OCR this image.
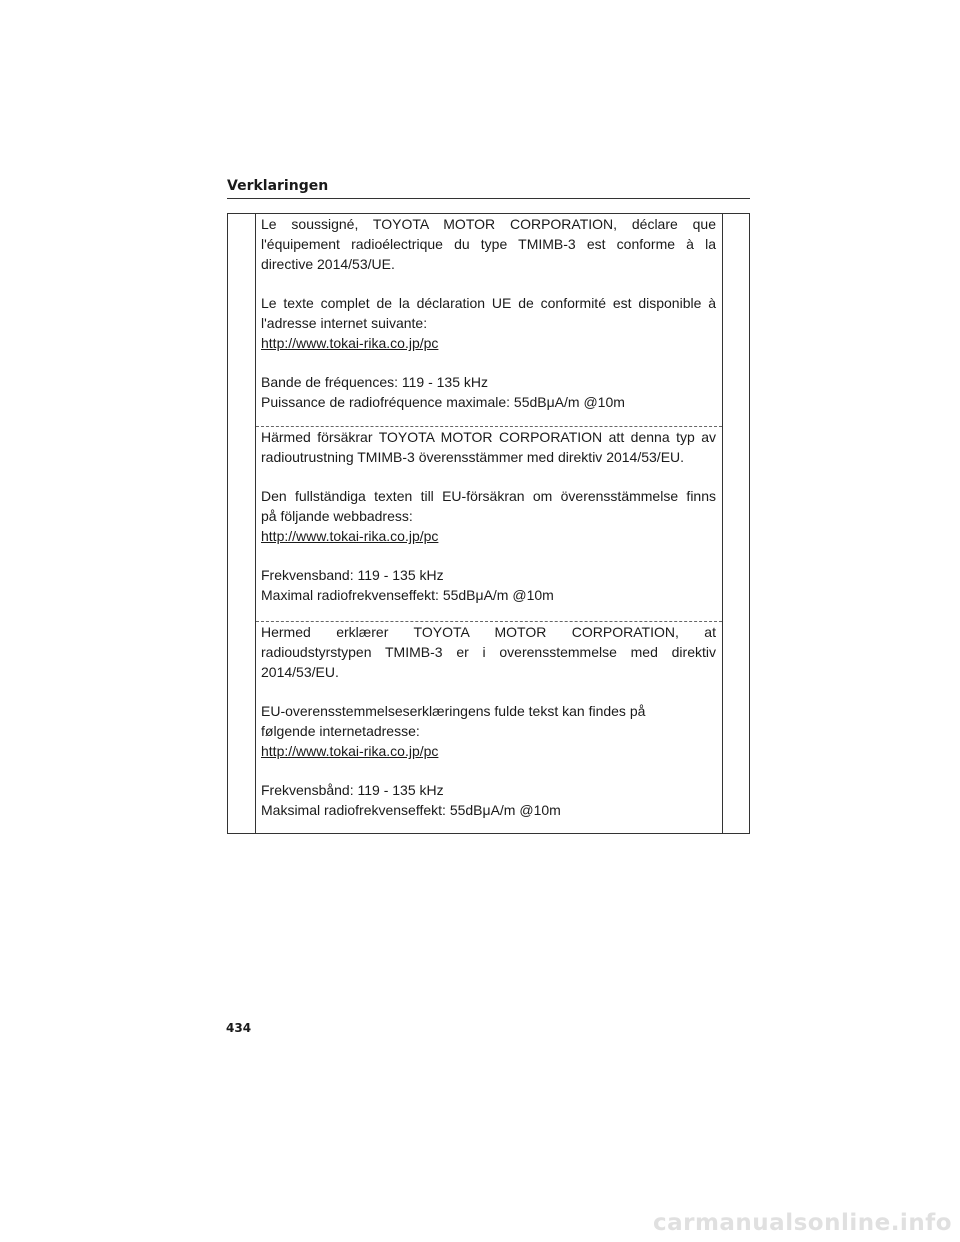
Verklaringen

Le soussigné, TOYOTA MOTOR CORPORATION, déclare que

l'équipement radioélectrique du type TMIMB-3 est conforme à la

directive 2014/53/UE.

Le texte complet de la déclaration UE de conformité est disponible à

l'adresse internet suivante:

http://www.tokai-rika.co.jp/pc

Bande de fréquences: 119 - 135 kHz

Puissance de radiofréquence maximale: 55dBμA/m @10m

Härmed försäkrar TOYOTA MOTOR CORPORATION att denna typ av

radioutrustning TMIMB-3 överensstämmer med direktiv 2014/53/EU.

Den fullständiga texten till EU-försäkran om överensstämmelse finns

på följande webbadress:

http://www.tokai-rika.co.jp/pc

Frekvensband: 119 - 135 kHz

Maximal radiofrekvenseffekt: 55dBμA/m @10m

Hermed erklærer TOYOTA MOTOR CORPORATION, at

radioudstyrstypen TMIMB-3 er i overensstemmelse med direktiv

2014/53/EU.

EU-overensstemmelseserklæringens fulde tekst kan findes på

følgende internetadresse:

http://www.tokai-rika.co.jp/pc

Frekvensbånd: 119 - 135 kHz

Maksimal radiofrekvenseffekt: 55dBμA/m @10m

434
carmanualsonline.info
